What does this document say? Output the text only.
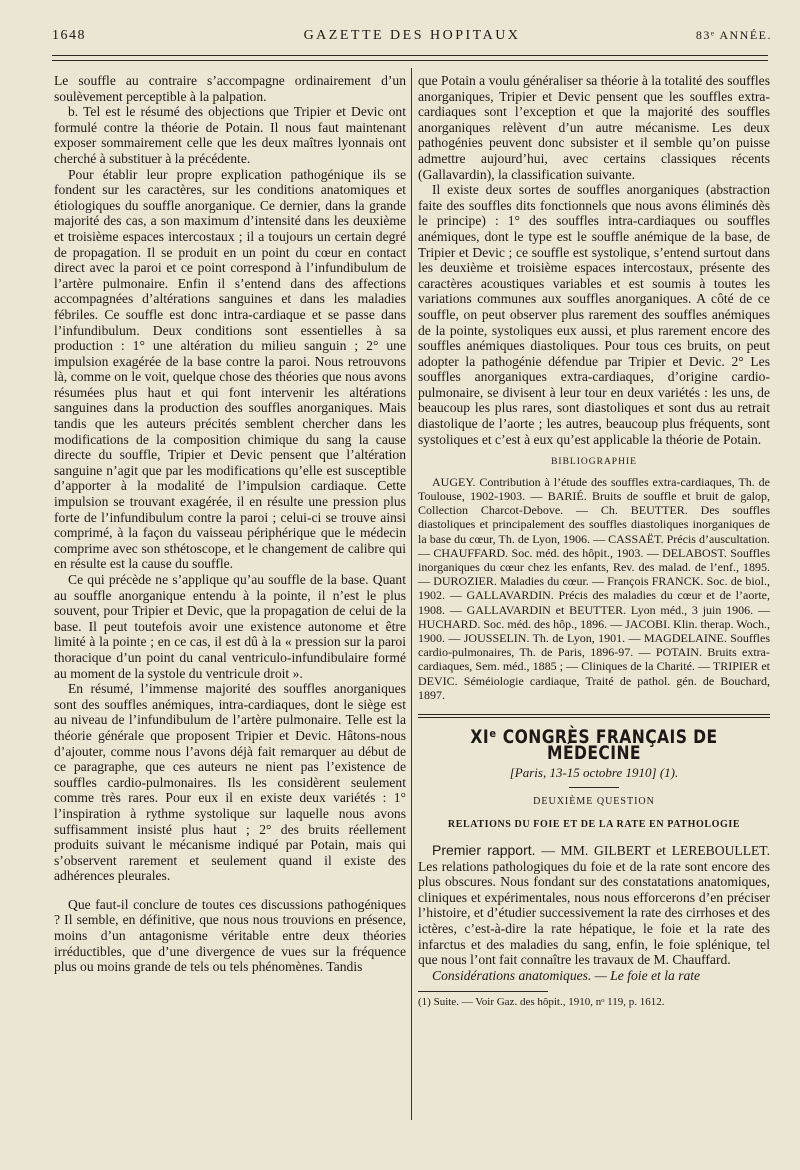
1648	GAZETTE DES HOPITAUX	83ᵉ ANNÉE.

Le souffle au contraire s’accompagne ordinairement d’un soulèvement perceptible à la palpation.

b. Tel est le résumé des objections que Tripier et Devic ont formulé contre la théorie de Potain. Il nous faut maintenant exposer sommairement celle que les deux maîtres lyonnais ont cherché à substituer à la précédente.

Pour établir leur propre explication pathogénique ils se fondent sur les caractères, sur les conditions anatomiques et étiologiques du souffle anorganique. Ce dernier, dans la grande majorité des cas, a son maximum d’intensité dans les deuxième et troisième espaces intercostaux ; il a toujours un certain degré de propagation. Il se produit en un point du cœur en contact direct avec la paroi et ce point correspond à l’infundibulum de l’artère pulmonaire. Enfin il s’entend dans des affections accompagnées d’altérations sanguines et dans les maladies fébriles. Ce souffle est donc intra-cardiaque et se passe dans l’infundibulum. Deux conditions sont essentielles à sa production : 1° une altération du milieu sanguin ; 2° une impulsion exagérée de la base contre la paroi. Nous retrouvons là, comme on le voit, quelque chose des théories que nous avons résumées plus haut et qui font intervenir les altérations sanguines dans la production des souffles anorganiques. Mais tandis que les auteurs précités semblent chercher dans les modifications de la composition chimique du sang la cause directe du souffle, Tripier et Devic pensent que l’altération sanguine n’agit que par les modifications qu’elle est susceptible d’apporter à la modalité de l’impulsion cardiaque. Cette impulsion se trouvant exagérée, il en résulte une pression plus forte de l’infundibulum contre la paroi ; celui-ci se trouve ainsi comprimé, à la façon du vaisseau périphérique que le médecin comprime avec son sthétoscope, et le changement de calibre qui en résulte est la cause du souffle.

Ce qui précède ne s’applique qu’au souffle de la base. Quant au souffle anorganique entendu à la pointe, il n’est le plus souvent, pour Tripier et Devic, que la propagation de celui de la base. Il peut toutefois avoir une existence autonome et être limité à la pointe ; en ce cas, il est dû à la « pression sur la paroi thoracique d’un point du canal ventriculo-infundibulaire formé au moment de la systole du ventricule droit ».

En résumé, l’immense majorité des souffles anorganiques sont des souffles anémiques, intra-cardiaques, dont le siège est au niveau de l’infundibulum de l’artère pulmonaire. Telle est la théorie générale que proposent Tripier et Devic. Hâtons-nous d’ajouter, comme nous l’avons déjà fait remarquer au début de ce paragraphe, que ces auteurs ne nient pas l’existence de souffles cardio-pulmonaires. Ils les considèrent seulement comme très rares. Pour eux il en existe deux variétés : 1° l’inspiration à rythme systolique sur laquelle nous avons suffisamment insisté plus haut ; 2° des bruits réellement produits suivant le mécanisme indiqué par Potain, mais qui s’observent rarement et seulement quand il existe des adhérences pleurales.

Que faut-il conclure de toutes ces discussions pathogéniques ? Il semble, en définitive, que nous nous trouvions en présence, moins d’un antagonisme véritable entre deux théories irréductibles, que d’une divergence de vues sur la fréquence plus ou moins grande de tels ou tels phénomènes. Tandis

que Potain a voulu généraliser sa théorie à la totalité des souffles anorganiques, Tripier et Devic pensent que les souffles extra-cardiaques sont l’exception et que la majorité des souffles anorganiques relèvent d’un autre mécanisme. Les deux pathogénies peuvent donc subsister et il semble qu’on puisse admettre aujourd’hui, avec certains classiques récents (Gallavardin), la classification suivante.

Il existe deux sortes de souffles anorganiques (abstraction faite des souffles dits fonctionnels que nous avons éliminés dès le principe) : 1° des souffles intra-cardiaques ou souffles anémiques, dont le type est le souffle anémique de la base, de Tripier et Devic ; ce souffle est systolique, s’entend surtout dans les deuxième et troisième espaces intercostaux, présente des caractères acoustiques variables et est soumis à toutes les variations communes aux souffles anorganiques. A côté de ce souffle, on peut observer plus rarement des souffles anémiques de la pointe, systoliques eux aussi, et plus rarement encore des souffles anémiques diastoliques. Pour tous ces bruits, on peut adopter la pathogénie défendue par Tripier et Devic. 2° Les souffles anorganiques extra-cardiaques, d’origine cardio-pulmonaire, se divisent à leur tour en deux variétés : les uns, de beaucoup les plus rares, sont diastoliques et sont dus au retrait diastolique de l’aorte ; les autres, beaucoup plus fréquents, sont systoliques et c’est à eux qu’est applicable la théorie de Potain.

BIBLIOGRAPHIE

AUGEY. Contribution à l’étude des souffles extra-cardiaques, Th. de Toulouse, 1902-1903. — BARIÉ. Bruits de souffle et bruit de galop, Collection Charcot-Debove. — Ch. BEUTTER. Des souffles diastoliques et principalement des souffles diastoliques inorganiques de la base du cœur, Th. de Lyon, 1906. — CASSAËT. Précis d’auscultation. — CHAUFFARD. Soc. méd. des hôpit., 1903. — DELABOST. Souffles inorganiques du cœur chez les enfants, Rev. des malad. de l’enf., 1895. — DUROZIER. Maladies du cœur. — François FRANCK. Soc. de biol., 1902. — GALLAVARDIN. Précis des maladies du cœur et de l’aorte, 1908. — GALLAVARDIN et BEUTTER. Lyon méd., 3 juin 1906. — HUCHARD. Soc. méd. des hôp., 1896. — JACOBI. Klin. therap. Woch., 1900. — JOUSSELIN. Th. de Lyon, 1901. — MAGDELAINE. Souffles cardio-pulmonaires, Th. de Paris, 1896-97. — POTAIN. Bruits extra-cardiaques, Sem. méd., 1885 ; — Cliniques de la Charité. — TRIPIER et DEVIC. Séméiologie cardiaque, Traité de pathol. gén. de Bouchard, 1897.

XIᵉ CONGRÈS FRANÇAIS DE MÉDECINE
[Paris, 13-15 octobre 1910] (1).
DEUXIÈME QUESTION
RELATIONS DU FOIE ET DE LA RATE EN PATHOLOGIE

Premier rapport. — MM. GILBERT et LEREBOULLET. Les relations pathologiques du foie et de la rate sont encore des plus obscures. Nous fondant sur des constatations anatomiques, cliniques et expérimentales, nous nous efforcerons d’en préciser l’histoire, et d’étudier successivement la rate des cirrhoses et des ictères, c’est-à-dire la rate hépatique, le foie et la rate des infarctus et des maladies du sang, enfin, le foie splénique, tel que nous l’ont fait connaître les travaux de M. Chauffard.

Considérations anatomiques. — Le foie et la rate

(1) Suite. — Voir Gaz. des hôpit., 1910, nᵒ 119, p. 1612.
